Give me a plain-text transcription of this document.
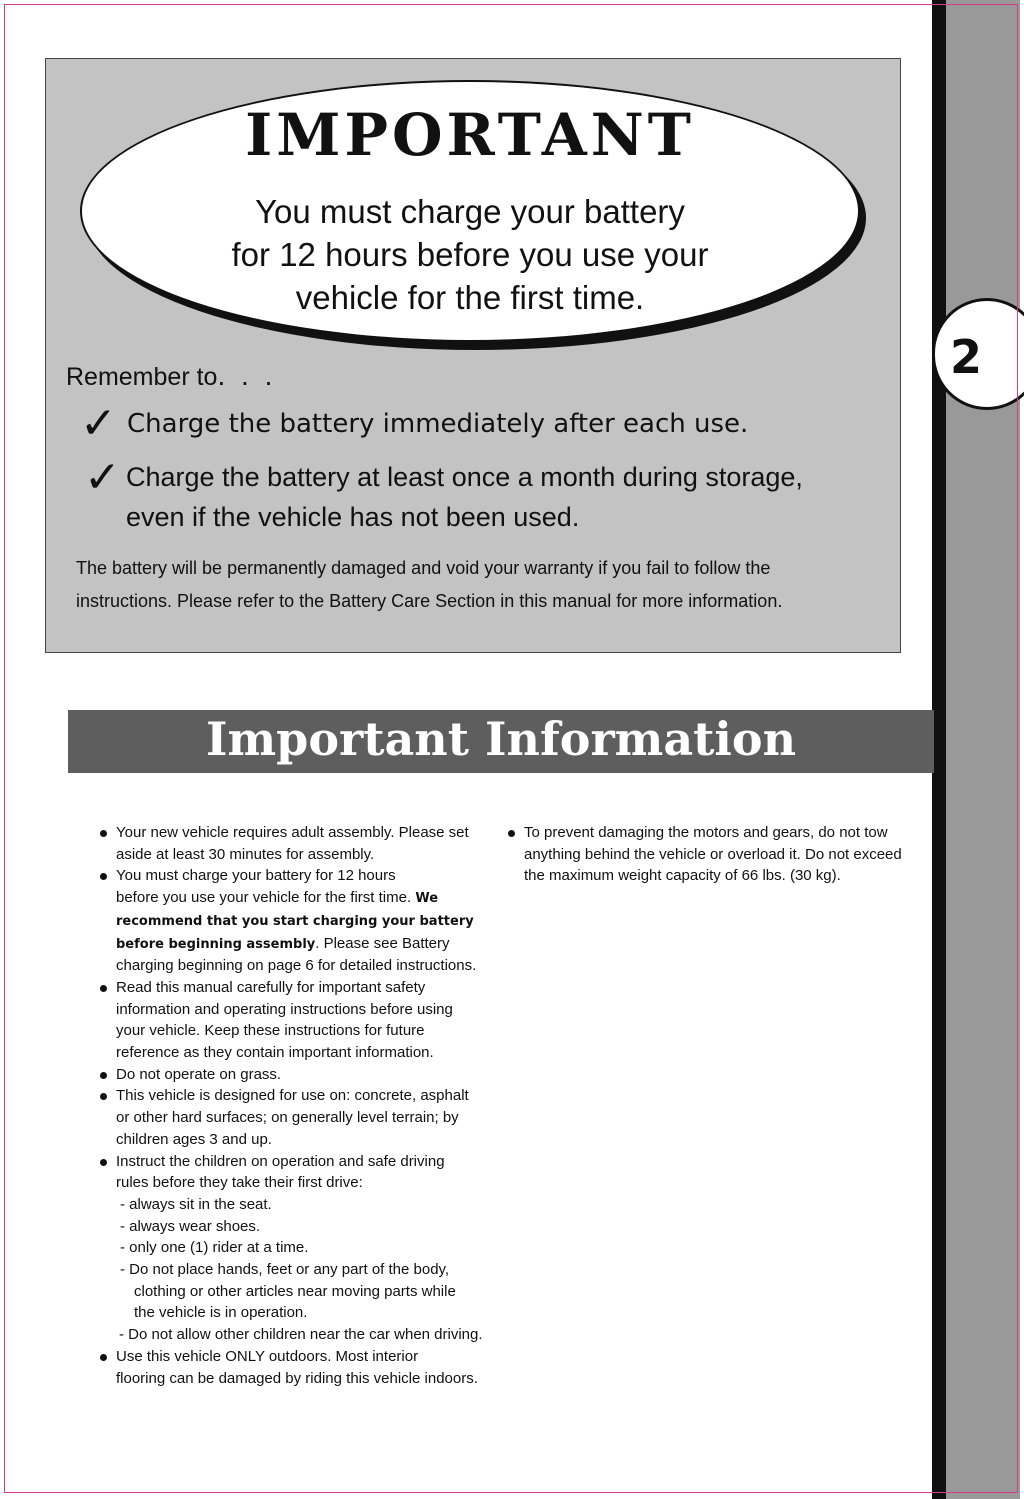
2
IMPORTANT
You must charge your battery
for 12 hours before you use your
vehicle for the first time.
Remember to. . .
✓ Charge the battery immediately after each use.
✓ Charge the battery at least once a month during storage,
even if the vehicle has not been used.
The battery will be permanently damaged and void your warranty if you fail to follow the
instructions. Please refer to the Battery Care Section in this manual for more information.
Important Information
Your new vehicle requires adult assembly. Please set
aside at least 30 minutes for assembly.
You must charge your battery for 12 hours
before you use your vehicle for the first time. We
recommend that you start charging your battery
before beginning assembly. Please see Battery
charging beginning on page 6 for detailed instructions.
Read this manual carefully for important safety
information and operating instructions before using
your vehicle. Keep these instructions for future
reference as they contain important information.
Do not operate on grass.
This vehicle is designed for use on: concrete, asphalt
or other hard surfaces; on generally level terrain; by
children ages 3 and up.
Instruct the children on operation and safe driving
rules before they take their first drive:
- always sit in the seat.
- always wear shoes.
- only one (1) rider at a time.
- Do not place hands, feet or any part of the body,
clothing or other articles near moving parts while
the vehicle is in operation.
- Do not allow other children near the car when driving.
Use this vehicle ONLY outdoors. Most interior
flooring can be damaged by riding this vehicle indoors.
To prevent damaging the motors and gears, do not tow
anything behind the vehicle or overload it. Do not exceed
the maximum weight capacity of 66 lbs. (30 kg).
